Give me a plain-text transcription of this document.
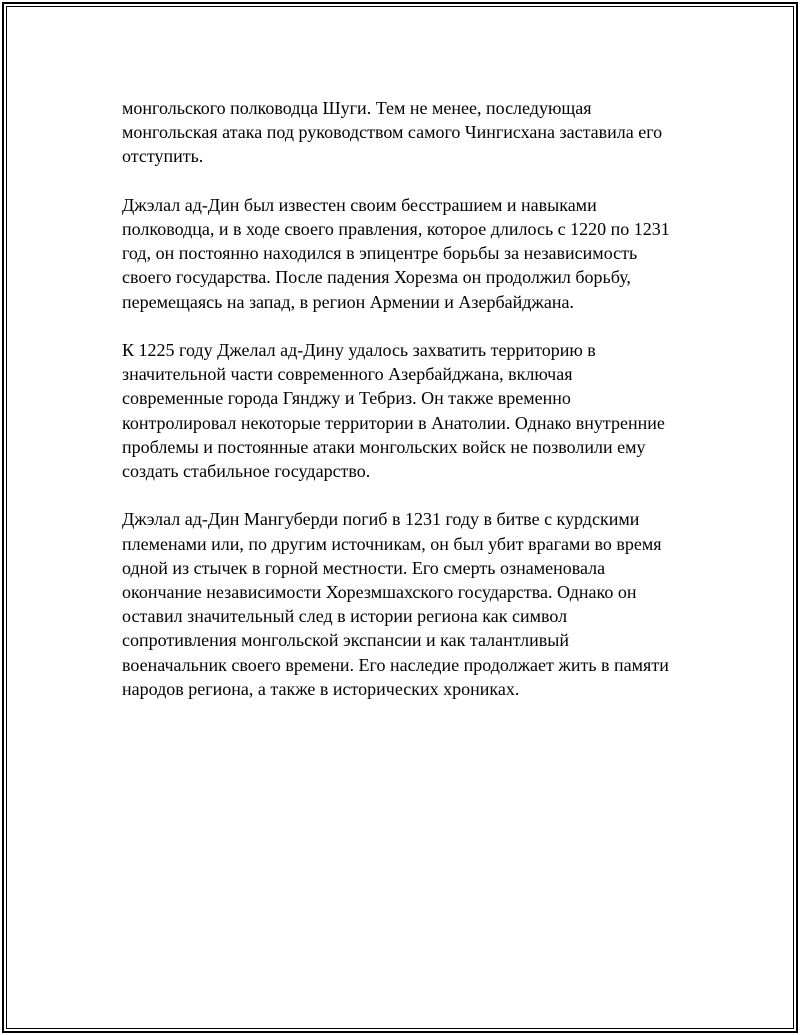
монгольского полководца Шуги. Тем не менее, последующая
монгольская атака под руководством самого Чингисхана заставила его
отступить.

Джэлал ад-Дин был известен своим бесстрашием и навыками
полководца, и в ходе своего правления, которое длилось с 1220 по 1231
год, он постоянно находился в эпицентре борьбы за независимость
своего государства. После падения Хорезма он продолжил борьбу,
перемещаясь на запад, в регион Армении и Азербайджана.

К 1225 году Джелал ад-Дину удалось захватить территорию в
значительной части современного Азербайджана, включая
современные города Гянджу и Тебриз. Он также временно
контролировал некоторые территории в Анатолии. Однако внутренние
проблемы и постоянные атаки монгольских войск не позволили ему
создать стабильное государство.

Джэлал ад-Дин Мангуберди погиб в 1231 году в битве с курдскими
племенами или, по другим источникам, он был убит врагами во время
одной из стычек в горной местности. Его смерть ознаменовала
окончание независимости Хорезмшахского государства. Однако он
оставил значительный след в истории региона как символ
сопротивления монгольской экспансии и как талантливый
военачальник своего времени. Его наследие продолжает жить в памяти
народов региона, а также в исторических хрониках.
